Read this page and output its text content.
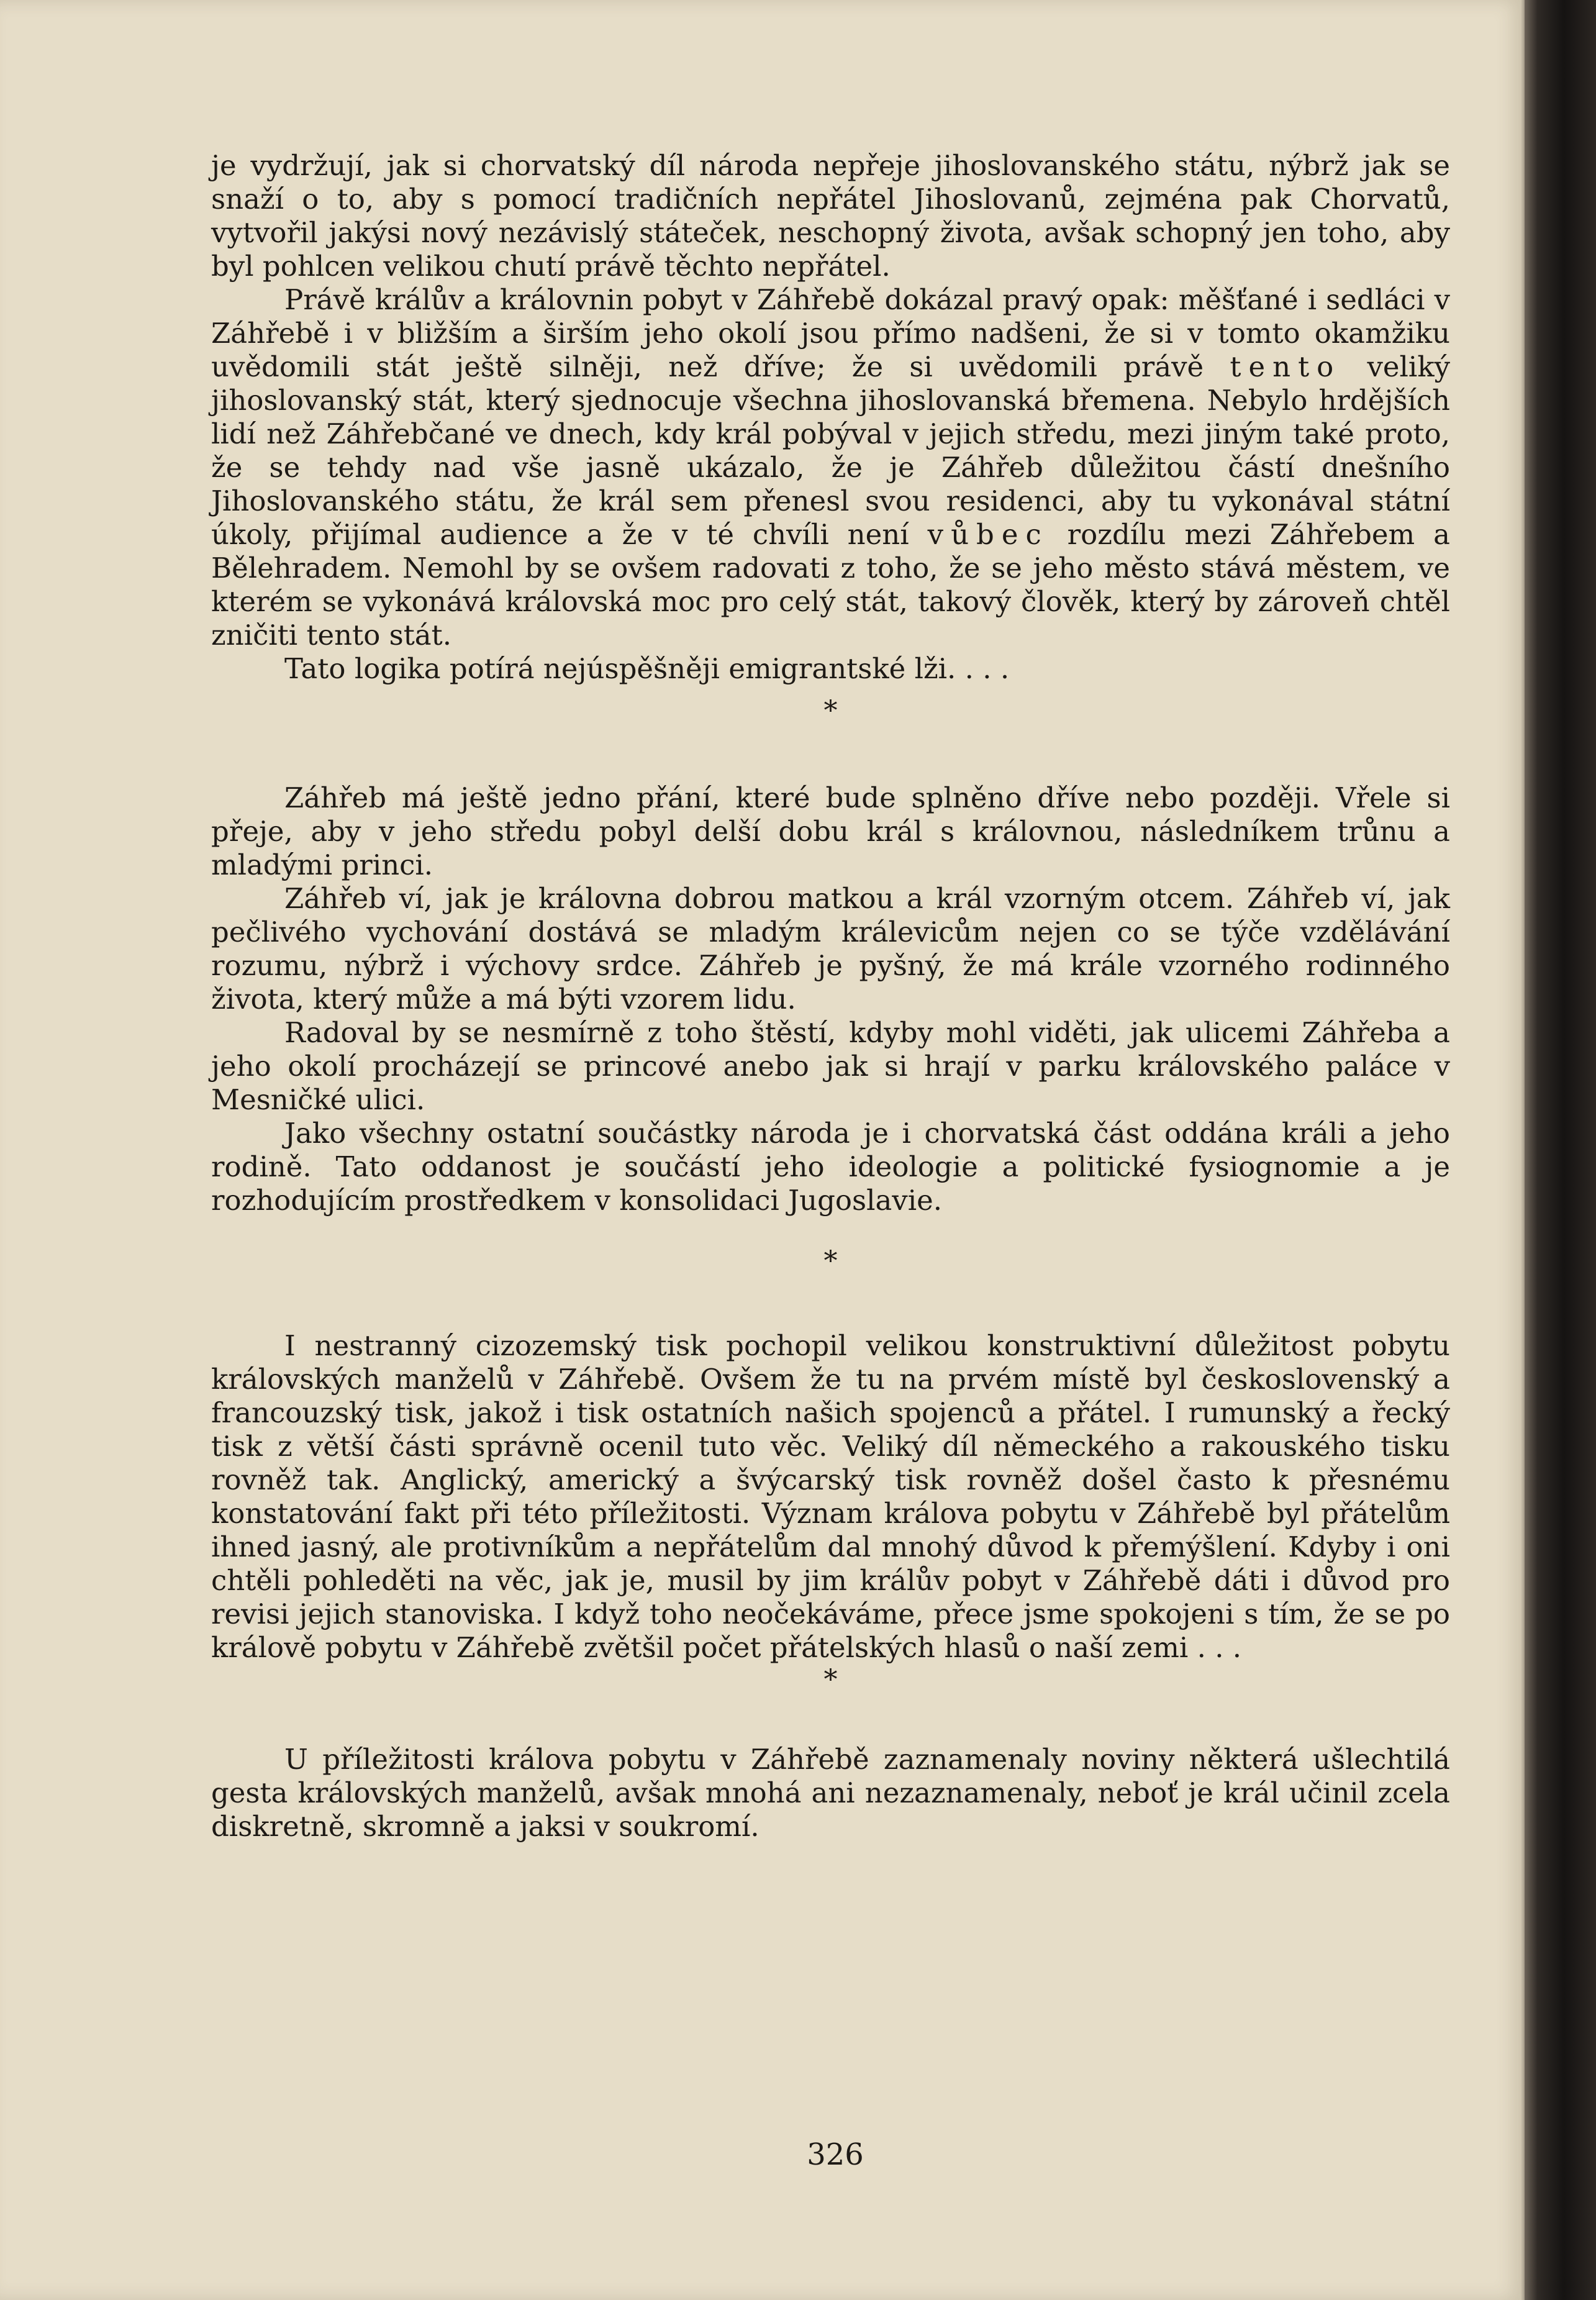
je vydržují, jak si chorvatský díl národa nepřeje jihoslovanského státu, nýbrž jak se snaží o to, aby s pomocí tradičních nepřátel Jihoslovanů, zejména pak Chorvatů, vytvořil jakýsi nový nezávislý státeček, neschopný života, avšak schopný jen toho, aby byl pohlcen velikou chutí právě těchto nepřátel.

Právě králův a královnin pobyt v Záhřebě dokázal pravý opak: měšťané i sedláci v Záhřebě i v bližším a širším jeho okolí jsou přímo nadšeni, že si v tomto okamžiku uvědomili stát ještě silněji, než dříve; že si uvědomili právě tento veliký jihoslovanský stát, který sjednocuje všechna jihoslovanská břemena. Nebylo hrdějších lidí než Záhřebčané ve dnech, kdy král pobýval v jejich středu, mezi jiným také proto, že se tehdy nad vše jasně ukázalo, že je Záhřeb důležitou částí dnešního Jihoslovanského státu, že král sem přenesl svou residenci, aby tu vykonával státní úkoly, přijímal audience a že v té chvíli není vůbec rozdílu mezi Záhřebem a Bělehradem. Nemohl by se ovšem radovati z toho, že se jeho město stává městem, ve kterém se vykonává královská moc pro celý stát, takový člověk, který by zároveň chtěl zničiti tento stát.

Tato logika potírá nejúspěšněji emigrantské lži. . . .

*

Záhřeb má ještě jedno přání, které bude splněno dříve nebo později. Vřele si přeje, aby v jeho středu pobyl delší dobu král s královnou, následníkem trůnu a mladými princi.

Záhřeb ví, jak je královna dobrou matkou a král vzorným otcem. Záhřeb ví, jak pečlivého vychování dostává se mladým králevicům nejen co se týče vzdělávání rozumu, nýbrž i výchovy srdce. Záhřeb je pyšný, že má krále vzorného rodinného života, který může a má býti vzorem lidu.

Radoval by se nesmírně z toho štěstí, kdyby mohl viděti, jak ulicemi Záhřeba a jeho okolí procházejí se princové anebo jak si hrají v parku královského paláce v Mesničké ulici.

Jako všechny ostatní součástky národa je i chorvatská část oddána králi a jeho rodině. Tato oddanost je součástí jeho ideologie a politické fysiognomie a je rozhodujícím prostředkem v konsolidaci Jugoslavie.

*

I nestranný cizozemský tisk pochopil velikou konstruktivní důležitost pobytu královských manželů v Záhřebě. Ovšem že tu na prvém místě byl československý a francouzský tisk, jakož i tisk ostatních našich spojenců a přátel. I rumunský a řecký tisk z větší části správně ocenil tuto věc. Veliký díl německého a rakouského tisku rovněž tak. Anglický, americký a švýcarský tisk rovněž došel často k přesnému konstatování fakt při této příležitosti. Význam králova pobytu v Záhřebě byl přátelům ihned jasný, ale protivníkům a nepřátelům dal mnohý důvod k přemýšlení. Kdyby i oni chtěli pohleděti na věc, jak je, musil by jim králův pobyt v Záhřebě dáti i důvod pro revisi jejich stanoviska. I když toho neočekáváme, přece jsme spokojeni s tím, že se po králově pobytu v Záhřebě zvětšil počet přátelských hlasů o naší zemi . . .

*

U příležitosti králova pobytu v Záhřebě zaznamenaly noviny některá ušlechtilá gesta královských manželů, avšak mnohá ani nezaznamenaly, neboť je král učinil zcela diskretně, skromně a jaksi v soukromí.

326
